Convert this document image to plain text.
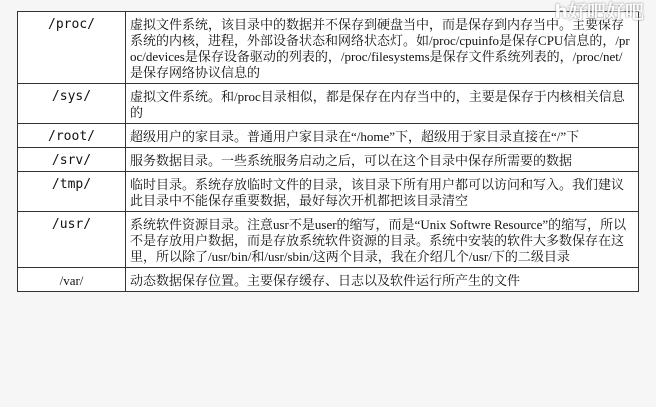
/proc/	虚拟文件系统，该目录中的数据并不保存到硬盘当中，而是保存到内存当中。主要保存系统的内核，进程，外部设备状态和网络状态灯。如/proc/cpuinfo是保存CPU信息的，/proc/devices是保存设备驱动的列表的，/proc/filesystems是保存文件系统列表的，/proc/net/是保存网络协议信息的
/sys/	虚拟文件系统。和/proc目录相似，都是保存在内存当中的，主要是保存于内核相关信息的
/root/	超级用户的家目录。普通用户家目录在“/home”下，超级用于家目录直接在“/”下
/srv/	服务数据目录。一些系统服务启动之后，可以在这个目录中保存所需要的数据
/tmp/	临时目录。系统存放临时文件的目录，该目录下所有用户都可以访问和写入。我们建议此目录中不能保存重要数据，最好每次开机都把该目录清空
/usr/	系统软件资源目录。注意usr不是user的缩写，而是“Unix Softwre Resource”的缩写，所以不是存放用户数据，而是存放系统软件资源的目录。系统中安装的软件大多数保存在这里，所以除了/usr/bin/和/usr/sbin/这两个目录，我在介绍几个/usr/下的二级目录
/var/	动态数据保存位置。主要保存缓存、日志以及软件运行所产生的文件
h好吧好吧
